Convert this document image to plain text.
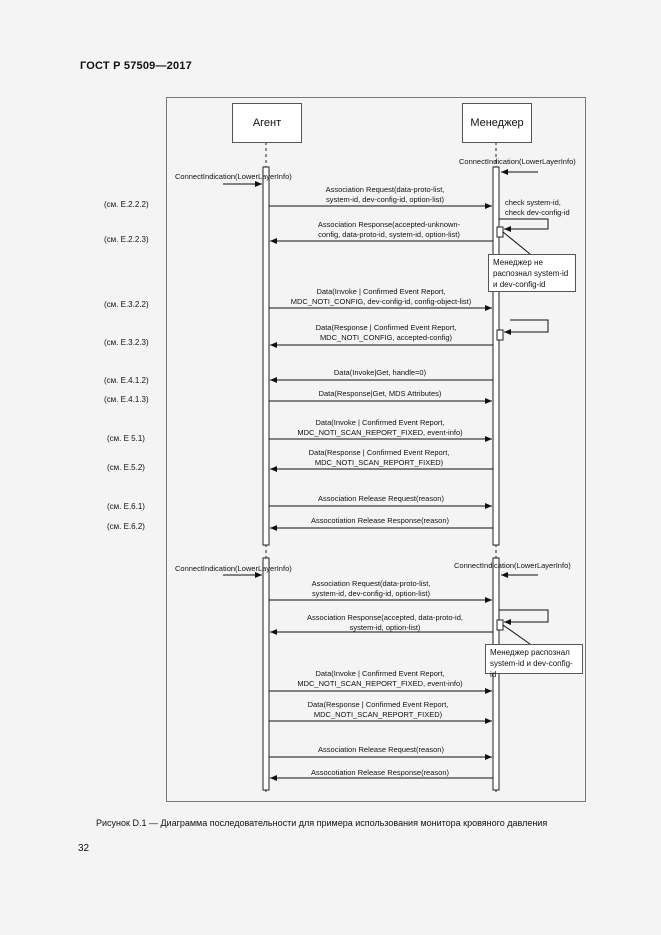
ГОСТ Р 57509—2017
Агент	Менеджер
ConnectIndication(LowerLayerInfo)
ConnectIndication(LowerLayerInfo)
ConnectIndication(LowerLayerInfo)	ConnectIndication(LowerLayerInfo)
(см. Е.2.2.2)
(см. Е.2.2.3)
(см. Е.3.2.2)
(см. Е.3.2.3)
(см. Е.4.1.2)
(см. Е.4.1.3)
(см. Е 5.1)
(см. Е.5.2)
(см. Е.6.1)
(см. Е.6.2)
Association Request(data-proto-list,
system-id, dev-config-id, option-list)
Association Response(accepted-unknown-
config, data-proto-id, system-id, option-list)
Data(Invoke | Confirmed Event Report,
MDC_NOTI_CONFIG, dev-config-id, config-object-list)
Data(Response | Confirmed Event Report,
MDC_NOTI_CONFIG, accepted-config)
Data(Invoke|Get, handle=0)
Data(Response|Get, MDS Attributes)
Data(Invoke | Confirmed Event Report,
MDC_NOTI_SCAN_REPORT_FIXED, event-info)
Data(Response | Confirmed Event Report,
MDC_NOTI_SCAN_REPORT_FIXED)
Association Release Request(reason)
Assocotiation Release Response(reason)
Association Request(data-proto-list,
system-id, dev-config-id, option-list)
Association Response(accepted, data-proto-id,
system-id, option-list)
Data(Invoke | Confirmed Event Report,
MDC_NOTI_SCAN_REPORT_FIXED, event-info)
Data(Response | Confirmed Event Report,
MDC_NOTI_SCAN_REPORT_FIXED)
Association Release Request(reason)
Assocotiation Release Response(reason)
check system-id,
check dev-config-id
Менеджер не
распознал system-id
и dev-config-id
Менеджер распознал
system-id и dev-config-id
Рисунок D.1 — Диаграмма последовательности для примера использования монитора кровяного давления
32
